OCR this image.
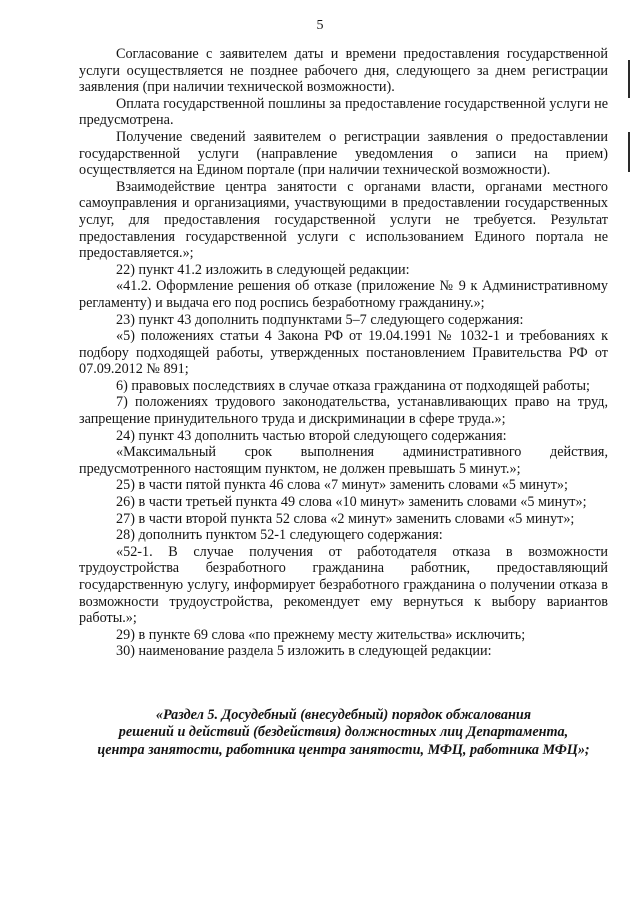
5

Согласование с заявителем даты и времени предоставления государственной услуги осуществляется не позднее рабочего дня, следующего за днем регистрации заявления (при наличии технической возможности).

Оплата государственной пошлины за предоставление государственной услуги не предусмотрена.

Получение сведений заявителем о регистрации заявления о предоставлении государственной услуги (направление уведомления о записи на прием) осуществляется на Едином портале (при наличии технической возможности).

Взаимодействие центра занятости с органами власти, органами местного самоуправления и организациями, участвующими в предоставлении государственных услуг, для предоставления государственной услуги не требуется. Результат предоставления государственной услуги с использованием Единого портала не предоставляется.»;

22) пункт 41.2 изложить в следующей редакции:

«41.2. Оформление решения об отказе (приложение № 9 к Административному регламенту) и выдача его под роспись безработному гражданину.»;

23) пункт 43 дополнить подпунктами 5–7 следующего содержания:

«5) положениях статьи 4 Закона РФ от 19.04.1991 № 1032-1 и требованиях к подбору подходящей работы, утвержденных постановлением Правительства РФ от 07.09.2012 № 891;

6) правовых последствиях в случае отказа гражданина от подходящей работы;

7) положениях трудового законодательства, устанавливающих право на труд, запрещение принудительного труда и дискриминации в сфере труда.»;

24) пункт 43 дополнить частью второй следующего содержания:

«Максимальный срок выполнения административного действия, предусмотренного настоящим пунктом, не должен превышать 5 минут.»;

25) в части пятой пункта 46 слова «7 минут» заменить словами «5 минут»;

26) в части третьей пункта 49 слова «10 минут» заменить словами «5 минут»;

27) в части второй пункта 52 слова «2 минут» заменить словами «5 минут»;

28) дополнить пунктом 52-1 следующего содержания:

«52-1. В случае получения от работодателя отказа в возможности трудоустройства безработного гражданина работник, предоставляющий государственную услугу, информирует безработного гражданина о получении отказа в возможности трудоустройства, рекомендует ему вернуться к выбору вариантов работы.»;

29) в пункте 69 слова «по прежнему месту жительства» исключить;

30) наименование раздела 5 изложить в следующей редакции:

«Раздел 5. Досудебный (внесудебный) порядок обжалования
решений и действий (бездействия) должностных лиц Департамента,
центра занятости, работника центра занятости, МФЦ, работника МФЦ»;
